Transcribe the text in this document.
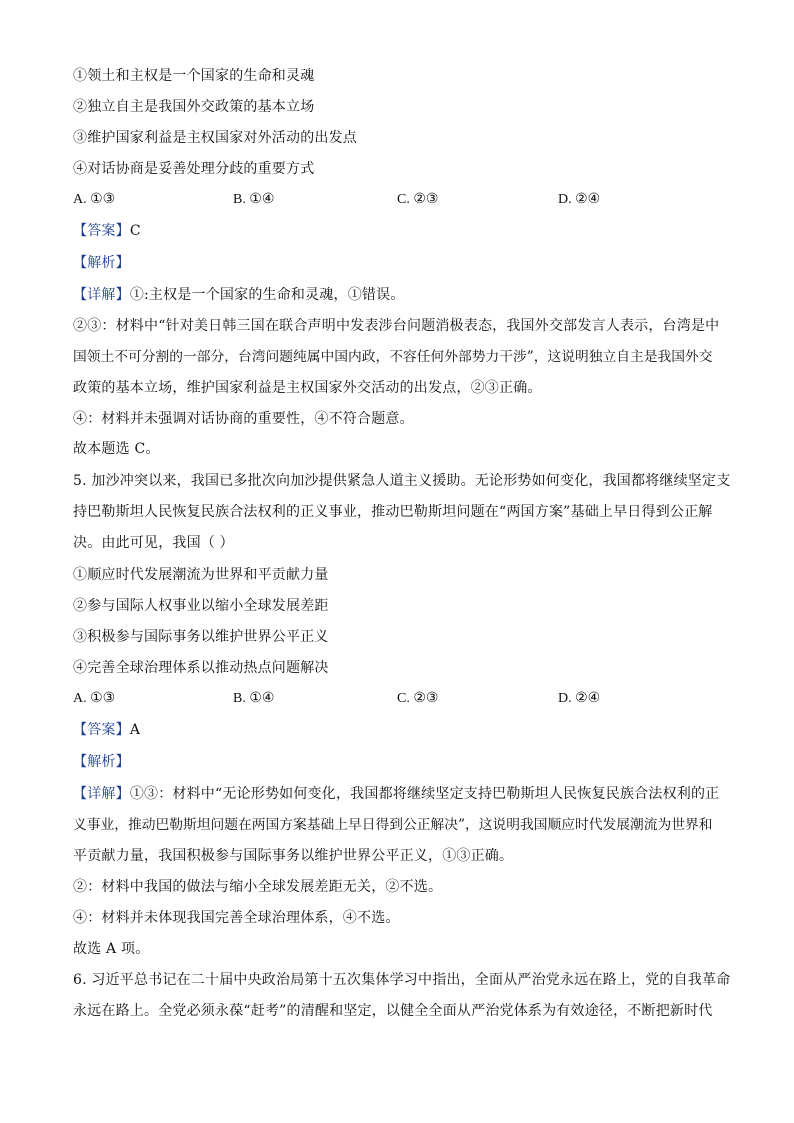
①领土和主权是一个国家的生命和灵魂
②独立自主是我国外交政策的基本立场
③维护国家利益是主权国家对外活动的出发点
④对话协商是妥善处理分歧的重要方式
A. ①③	B. ①④	C. ②③	D. ②④
【答案】C
【解析】
【详解】①:主权是一个国家的生命和灵魂，①错误。
②③：材料中“针对美日韩三国在联合声明中发表涉台问题消极表态，我国外交部发言人表示，台湾是中
国领土不可分割的一部分，台湾问题纯属中国内政，不容任何外部势力干涉”，这说明独立自主是我国外交
政策的基本立场，维护国家利益是主权国家外交活动的出发点，②③正确。
④：材料并未强调对话协商的重要性，④不符合题意。
故本题选 C。
5. 加沙冲突以来，我国已多批次向加沙提供紧急人道主义援助。无论形势如何变化，我国都将继续坚定支
持巴勒斯坦人民恢复民族合法权利的正义事业，推动巴勒斯坦问题在“两国方案”基础上早日得到公正解
决。由此可见，我国（ ）
①顺应时代发展潮流为世界和平贡献力量
②参与国际人权事业以缩小全球发展差距
③积极参与国际事务以维护世界公平正义
④完善全球治理体系以推动热点问题解决
A. ①③	B. ①④	C. ②③	D. ②④
【答案】A
【解析】
【详解】①③：材料中“无论形势如何变化，我国都将继续坚定支持巴勒斯坦人民恢复民族合法权利的正
义事业，推动巴勒斯坦问题在两国方案基础上早日得到公正解决”，这说明我国顺应时代发展潮流为世界和
平贡献力量，我国积极参与国际事务以维护世界公平正义，①③正确。
②：材料中我国的做法与缩小全球发展差距无关，②不选。
④：材料并未体现我国完善全球治理体系，④不选。
故选 A 项。
6. 习近平总书记在二十届中央政治局第十五次集体学习中指出，全面从严治党永远在路上，党的自我革命
永远在路上。全党必须永葆“赶考”的清醒和坚定，以健全全面从严治党体系为有效途径，不断把新时代
